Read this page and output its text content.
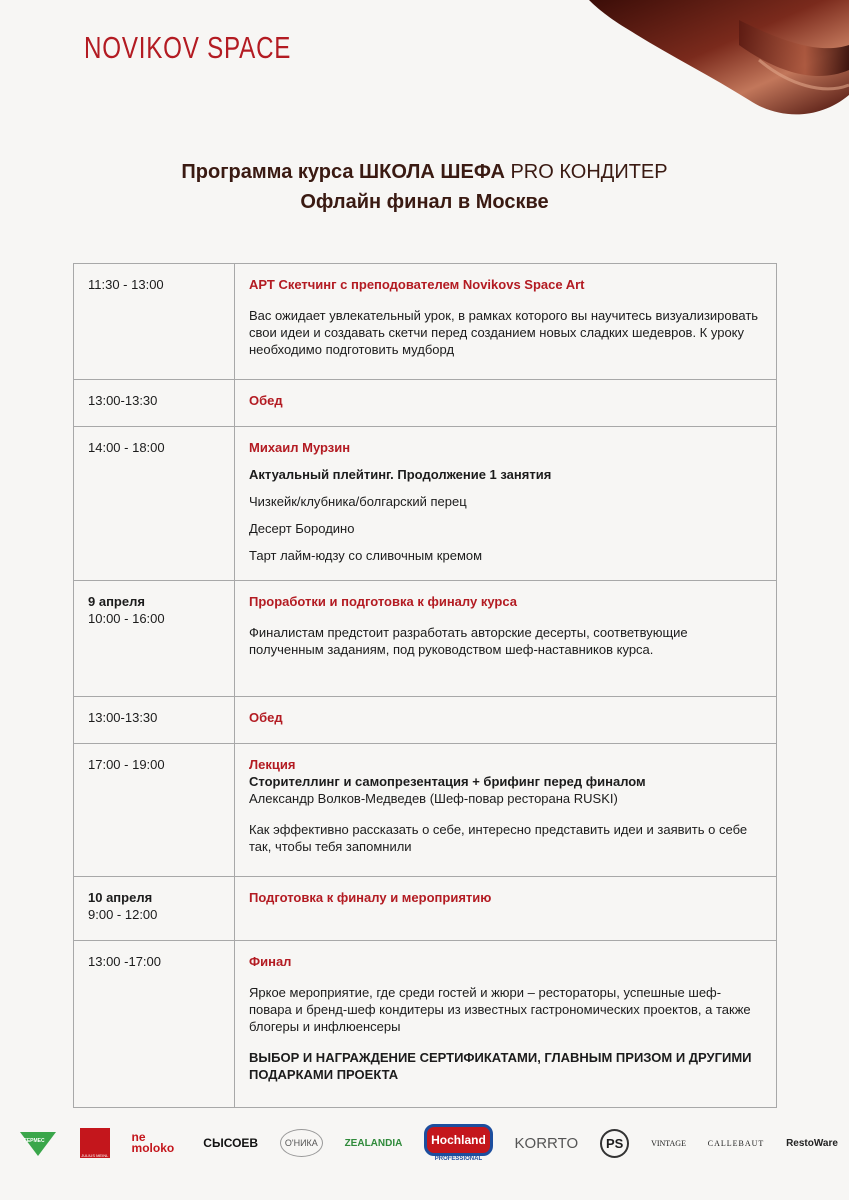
NOVIKOV SPACE
Программа курса ШКОЛА ШЕФА PRO КОНДИТЕР
Офлайн финал в Москве
11:30 - 13:00	АРТ Скетчинг с преподователем Novikovs Space Art
Вас ожидает увлекательный урок, в рамках которого вы научитесь визуализировать свои идеи и создавать скетчи перед созданием новых сладких шедевров. К уроку необходимо подготовить мудборд

13:00-13:30	Обед

14:00 - 18:00	Михаил Мурзин
Актуальный плейтинг. Продолжение 1 занятия
Чизкейк/клубника/болгарский перец
Десерт Бородино
Тарт лайм-юдзу со сливочным кремом

9 апреля
10:00 - 16:00	Проработки и подготовка к финалу курса
Финалистам предстоит разработать авторские десерты, соответвующие полученным заданиям, под руководством шеф-наставников курса.

13:00-13:30	Обед

17:00 - 19:00	Лекция
Сторителлинг и самопрезентация + брифинг перед финалом
Александр Волков-Медведев (Шеф-повар ресторана RUSKI)
Как эффективно рассказать о себе, интересно представить идеи и заявить о себе так, чтобы тебя запомнили

10 апреля
9:00 - 12:00	Подготовка к финалу и мероприятию

13:00 -17:00	Финал
Яркое мероприятие, где среди гостей и жюри – рестораторы, успешные шеф-повара и бренд-шеф кондитеры из известных гастрономических проектов, а также блогеры и инфлюенсеры
ВЫБОР И НАГРАЖДЕНИЕ СЕРТИФИКАТАМИ, ГЛАВНЫМ ПРИЗОМ И ДРУГИМИ ПОДАРКАМИ ПРОЕКТА
ГЕРМЕС
JULIUS MEINL
ne moloko	СЫСОЕВ	О'НИКА	ZEALANDIA	Hochland
PROFESSIONAL
KORRTO	PS	VINTAGE	CALLEBAUT RestoWare
